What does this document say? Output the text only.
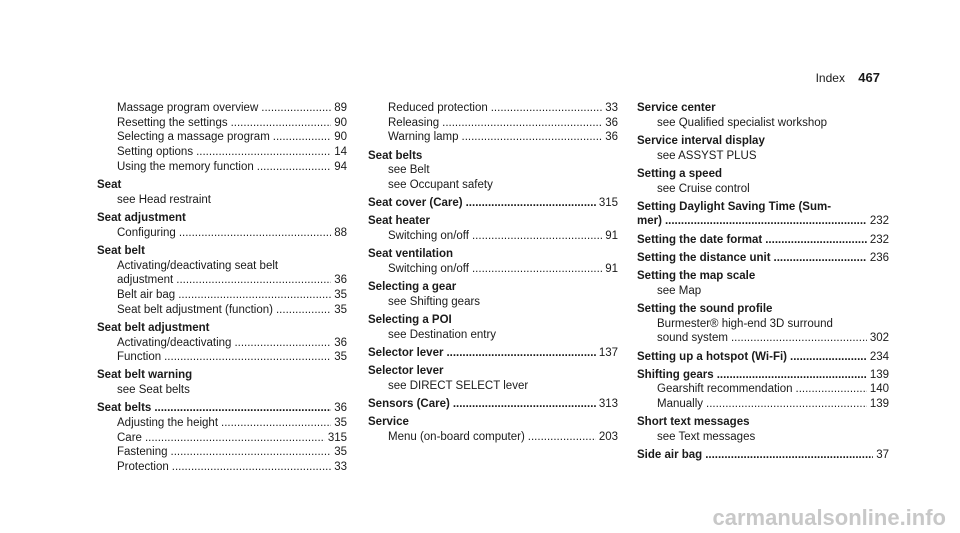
Index 467
Massage program overview .....	89
Resetting the settings .....	90
Selecting a massage program .....	90
Setting options .....	14
Using the memory function .....	94
Seat
see Head restraint
Seat adjustment
Configuring .....	88
Seat belt
Activating/deactivating seat belt
adjustment .....	36
Belt air bag .....	35
Seat belt adjustment (function) .....	35
Seat belt adjustment
Activating/deactivating .....	36
Function .....	35
Seat belt warning
see Seat belts
Seat belts .....	36
Adjusting the height .....	35
Care .....	315
Fastening .....	35
Protection .....	33
Reduced protection .....	33
Releasing .....	36
Warning lamp .....	36
Seat belts
see Belt
see Occupant safety
Seat cover (Care) .....	315
Seat heater
Switching on/off .....	91
Seat ventilation
Switching on/off .....	91
Selecting a gear
see Shifting gears
Selecting a POI
see Destination entry
Selector lever .....	137
Selector lever
see DIRECT SELECT lever
Sensors (Care) .....	313
Service
Menu (on-board computer) .....	203
Service center
see Qualified specialist workshop
Service interval display
see ASSYST PLUS
Setting a speed
see Cruise control
Setting Daylight Saving Time (Sum-
mer) .....	232
Setting the date format .....	232
Setting the distance unit .....	236
Setting the map scale
see Map
Setting the sound profile
Burmester® high-end 3D surround
sound system .....	302
Setting up a hotspot (Wi-Fi) .....	234
Shifting gears .....	139
Gearshift recommendation .....	140
Manually .....	139
Short text messages
see Text messages
Side air bag .....	37
carmanualsonline.info
